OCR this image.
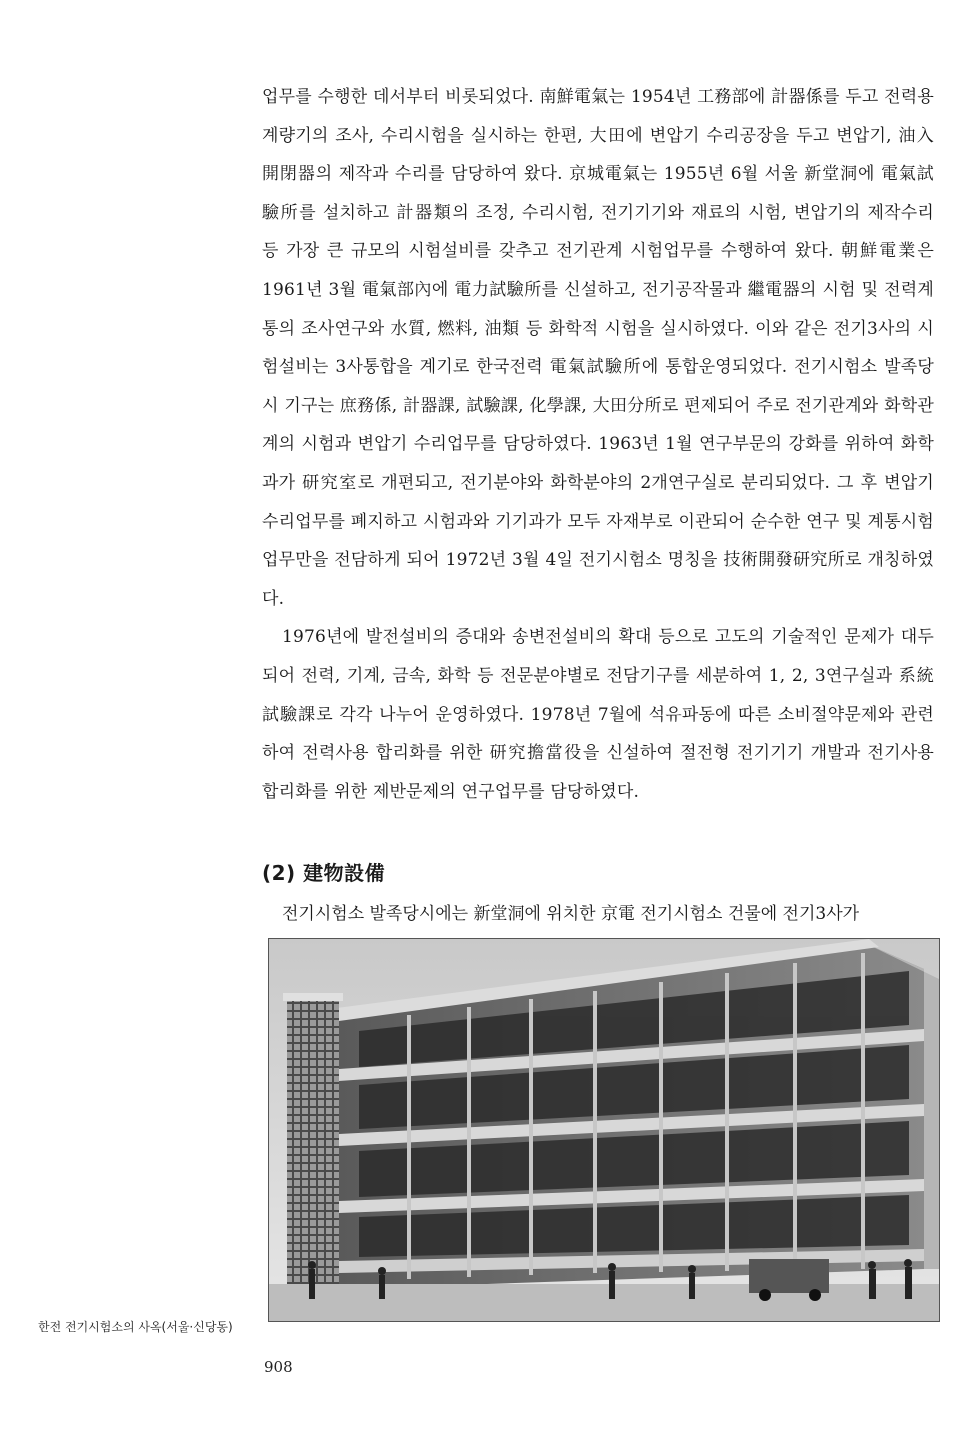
업무를 수행한 데서부터 비롯되었다. 南鮮電氣는 1954년 工務部에 計器係를 두고 전력용 계량기의 조사, 수리시험을 실시하는 한편, 大田에 변압기 수리공장을 두고 변압기, 油入開閉器의 제작과 수리를 담당하여 왔다. 京城電氣는 1955년 6월 서울 新堂洞에 電氣試驗所를 설치하고 計器類의 조정, 수리시험, 전기기기와 재료의 시험, 변압기의 제작수리 등 가장 큰 규모의 시험설비를 갖추고 전기관계 시험업무를 수행하여 왔다. 朝鮮電業은 1961년 3월 電氣部內에 電力試驗所를 신설하고, 전기공작물과 繼電器의 시험 및 전력계통의 조사연구와 水質, 燃料, 油類 등 화학적 시험을 실시하였다. 이와 같은 전기3사의 시험설비는 3사통합을 계기로 한국전력 電氣試驗所에 통합운영되었다. 전기시험소 발족당시 기구는 庶務係, 計器課, 試驗課, 化學課, 大田分所로 편제되어 주로 전기관계와 화학관계의 시험과 변압기 수리업무를 담당하였다. 1963년 1월 연구부문의 강화를 위하여 화학과가 研究室로 개편되고, 전기분야와 화학분야의 2개연구실로 분리되었다. 그 후 변압기 수리업무를 폐지하고 시험과와 기기과가 모두 자재부로 이관되어 순수한 연구 및 계통시험 업무만을 전담하게 되어 1972년 3월 4일 전기시험소 명칭을 技術開發研究所로 개칭하였다.

1976년에 발전설비의 증대와 송변전설비의 확대 등으로 고도의 기술적인 문제가 대두되어 전력, 기계, 금속, 화학 등 전문분야별로 전담기구를 세분하여 1, 2, 3연구실과 系統試驗課로 각각 나누어 운영하였다. 1978년 7월에 석유파동에 따른 소비절약문제와 관련하여 전력사용 합리화를 위한 研究擔當役을 신설하여 절전형 전기기기 개발과 전기사용 합리화를 위한 제반문제의 연구업무를 담당하였다.

(2) 建物設備

전기시험소 발족당시에는 新堂洞에 위치한 京電 전기시험소 건물에 전기3사가

한전 전기시험소의 사옥(서울·신당동)
908
